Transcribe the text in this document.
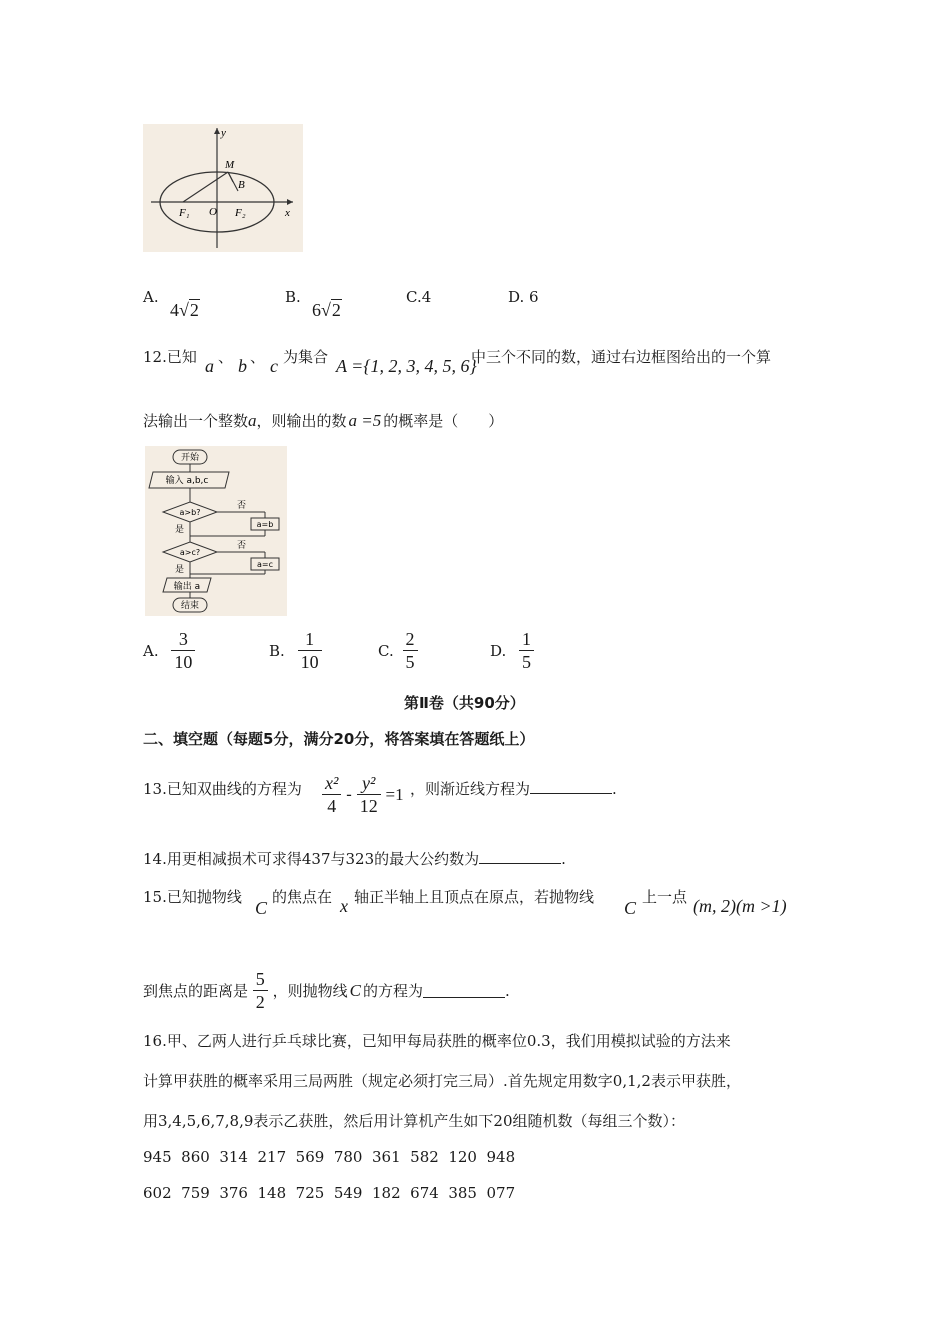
y
x
M
B
F₁ O F₂
A.
4√2
B.
6√2
C.4	D. 6
12.已知 a 、 b 、 c 为集合 A ={1, 2, 3, 4, 5, 6}
中三个不同的数，通过右边框图给出的一个算
法输出一个整数a，则输出的数 a =5 的概率是（　　）
开始
输入 a,b,c
a>b?
否
a=b
是
a>c?
否
a=c
是
输出 a
结束
A. $\frac{3}{10}$	B. $\frac{1}{10}$	C. $\frac{2}{5}$	D. $\frac{1}{5}$
第Ⅱ卷（共90分）
二、填空题（每题5分，满分20分，将答案填在答题纸上）
13.已知双曲线的方程为 $\frac{\text{x²}}{4} - \frac{\text{y²}}{12} =1$ ，则渐近线方程为	.
14.用更相减损术可求得437与323的最大公约数为	.
15.已知抛物线
C
的焦点在 x 轴正半轴上且顶点在原点，若抛物线
C
上一点 (m, 2)(m >1)
到焦点的距离是 $\frac{5}{2}$ ，则抛物线 C 的方程为	.
16.甲、乙两人进行乒乓球比赛，已知甲每局获胜的概率位0.3，我们用模拟试验的方法来
计算甲获胜的概率采用三局两胜（规定必须打完三局）.首先规定用数字0,1,2表示甲获胜，
用3,4,5,6,7,8,9表示乙获胜，然后用计算机产生如下20组随机数（每组三个数）：
945  860  314  217  569  780  361  582  120  948
602  759  376  148  725  549  182  674  385  077
